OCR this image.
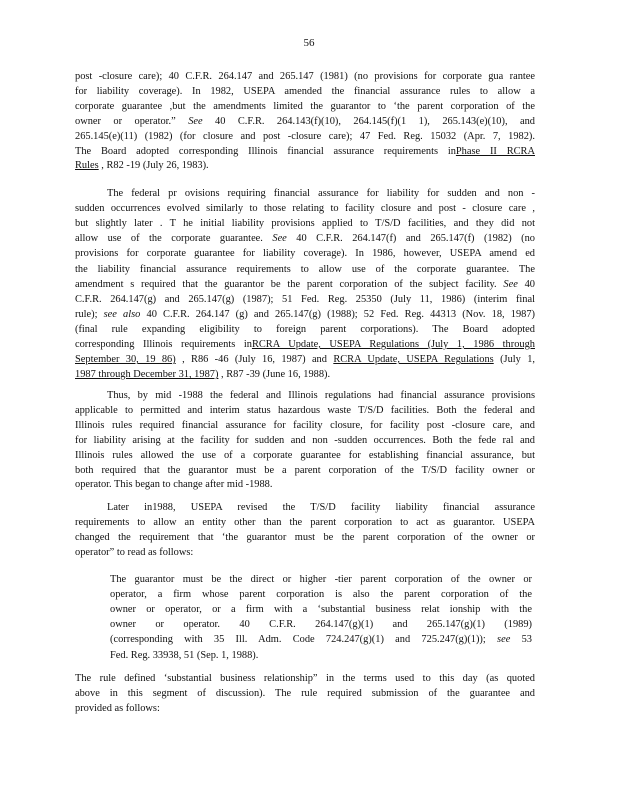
56
post -closure care); 40 C.F.R. 264.147 and 265.147 (1981) (no provisions for corporate gua rantee
for liability coverage). In 1982, USEPA amended the financial assurance rules to allow a
corporate guarantee ,but the amendments limited the guarantor to ‘the parent corporation of the
owner or operator.” See 40 C.F.R. 264.143(f)(10), 264.145(f)(1 1), 265.143(e)(10), and
265.145(e)(11) (1982) (for closure and post -closure care); 47 Fed. Reg. 15032 (Apr. 7, 1982).
The Board adopted corresponding Illinois financial assurance requirements inPhase II RCRA
Rules , R82 -19 (July 26, 1983).
The federal pr ovisions requiring financial assurance for liability for sudden and non -
sudden occurrences evolved similarly to those relating to facility closure and post - closure care ,
but slightly later . T he initial liability provisions applied to T/S/D facilities, and they did not
allow use of the corporate guarantee. See 40 C.F.R. 264.147(f) and 265.147(f) (1982) (no
provisions for corporate guarantee for liability coverage). In 1986, however, USEPA amend ed
the liability financial assurance requirements to allow use of the corporate guarantee. The
amendment s required that the guarantor be the parent corporation of the subject facility. See 40
C.F.R. 264.147(g) and 265.147(g) (1987); 51 Fed. Reg. 25350 (July 11, 1986) (interim final
rule); see also 40 C.F.R. 264.147 (g) and 265.147(g) (1988); 52 Fed. Reg. 44313 (Nov. 18, 1987)
(final rule expanding eligibility to foreign parent corporations). The Board adopted
corresponding Illinois requirements inRCRA Update, USEPA Regulations (July 1, 1986 through
September 30, 19 86) , R86 -46 (July 16, 1987) and RCRA Update, USEPA Regulations (July 1,
1987 through December 31, 1987) , R87 -39 (June 16, 1988).
Thus, by mid -1988 the federal and Illinois regulations had financial assurance provisions
applicable to permitted and interim status hazardous waste T/S/D facilities. Both the federal and
Illinois rules required financial assurance for facility closure, for facility post -closure care, and
for liability arising at the facility for sudden and non -sudden occurrences. Both the fede ral and
Illinois rules allowed the use of a corporate guarantee for establishing financial assurance, but
both required that the guarantor must be a parent corporation of the T/S/D facility owner or
operator. This began to change after mid -1988.
Later in1988, USEPA revised the T/S/D facility liability financial assurance
requirements to allow an entity other than the parent corporation to act as guarantor. USEPA
changed the requirement that ‘the guarantor must be the parent corporation of the owner or
operator” to read as follows:
The guarantor must be the direct or higher -tier parent corporation of the owner or
operator, a firm whose parent corporation is also the parent corporation of the
owner or operator, or a firm with a ‘substantial business relat ionship with the
owner or operator. 40 C.F.R. 264.147(g)(1) and 265.147(g)(1) (1989)
(corresponding with 35 Ill. Adm. Code 724.247(g)(1) and 725.247(g)(1)); see 53
Fed. Reg. 33938, 51 (Sep. 1, 1988).
The rule defined ‘substantial business relationship” in the terms used to this day (as quoted
above in this segment of discussion). The rule required submission of the guarantee and
provided as follows:
